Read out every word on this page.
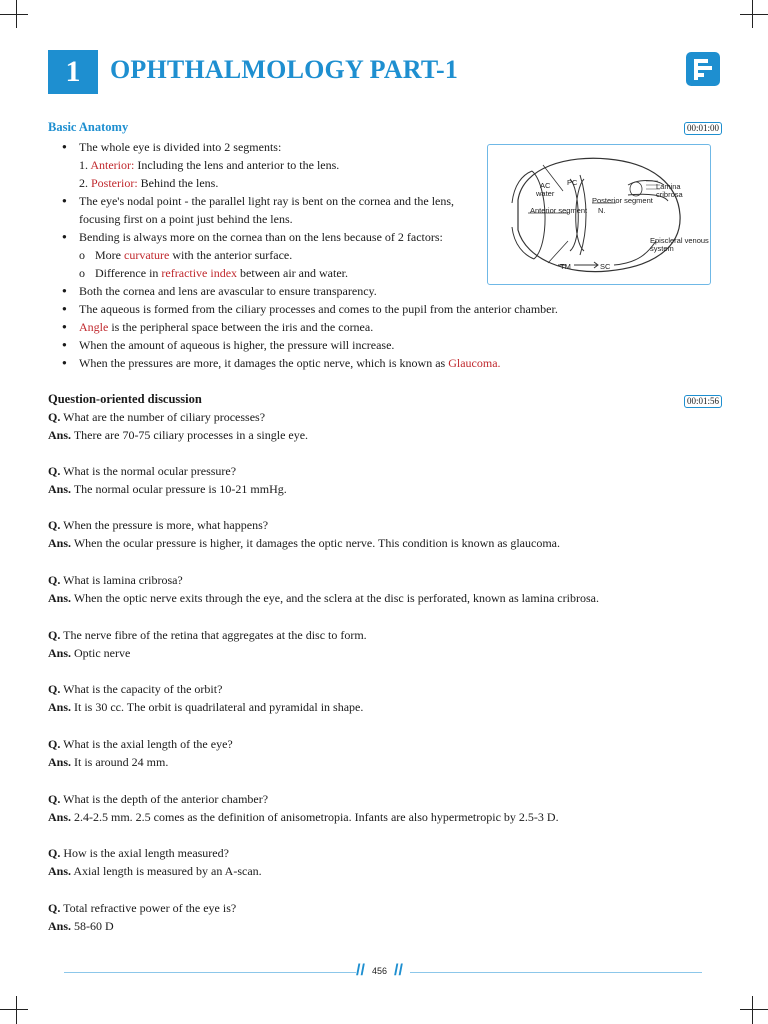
1 OPHTHALMOLOGY PART-1
Basic Anatomy	00:01:00
● The whole eye is divided into 2 segments:
1. Anterior: Including the lens and anterior to the lens.
2. Posterior: Behind the lens.
● The eye's nodal point - the parallel light ray is bent on the cornea and the lens,
focusing first on a point just behind the lens.
● Bending is always more on the cornea than on the lens because of 2 factors:
o More curvature with the anterior surface.
o Difference in refractive index between air and water.
● Both the cornea and lens are avascular to ensure transparency.
● The aqueous is formed from the ciliary processes and comes to the pupil from the anterior chamber.
● Angle is the peripheral space between the iris and the cornea.
● When the amount of aqueous is higher, the pressure will increase.
● When the pressures are more, it damages the optic nerve, which is known as Glaucoma.
AC
water
PC	Lamina
cribrosa
Posterior segment
Anterior segment N.
Episcleral venous
system
TM	SC
Question-oriented discussion	00:01:56
Q. What are the number of ciliary processes?
Ans. There are 70-75 ciliary processes in a single eye.
Q. What is the normal ocular pressure?
Ans. The normal ocular pressure is 10-21 mmHg.
Q. When the pressure is more, what happens?
Ans. When the ocular pressure is higher, it damages the optic nerve. This condition is known as glaucoma.
Q. What is lamina cribrosa?
Ans. When the optic nerve exits through the eye, and the sclera at the disc is perforated, known as lamina cribrosa.
Q. The nerve fibre of the retina that aggregates at the disc to form.
Ans. Optic nerve
Q. What is the capacity of the orbit?
Ans. It is 30 cc. The orbit is quadrilateral and pyramidal in shape.
Q. What is the axial length of the eye?
Ans. It is around 24 mm.
Q. What is the depth of the anterior chamber?
Ans. 2.4-2.5 mm. 2.5 comes as the definition of anisometropia. Infants are also hypermetropic by 2.5-3 D.
Q. How is the axial length measured?
Ans. Axial length is measured by an A-scan.
Q. Total refractive power of the eye is?
Ans. 58-60 D
// 456 //
